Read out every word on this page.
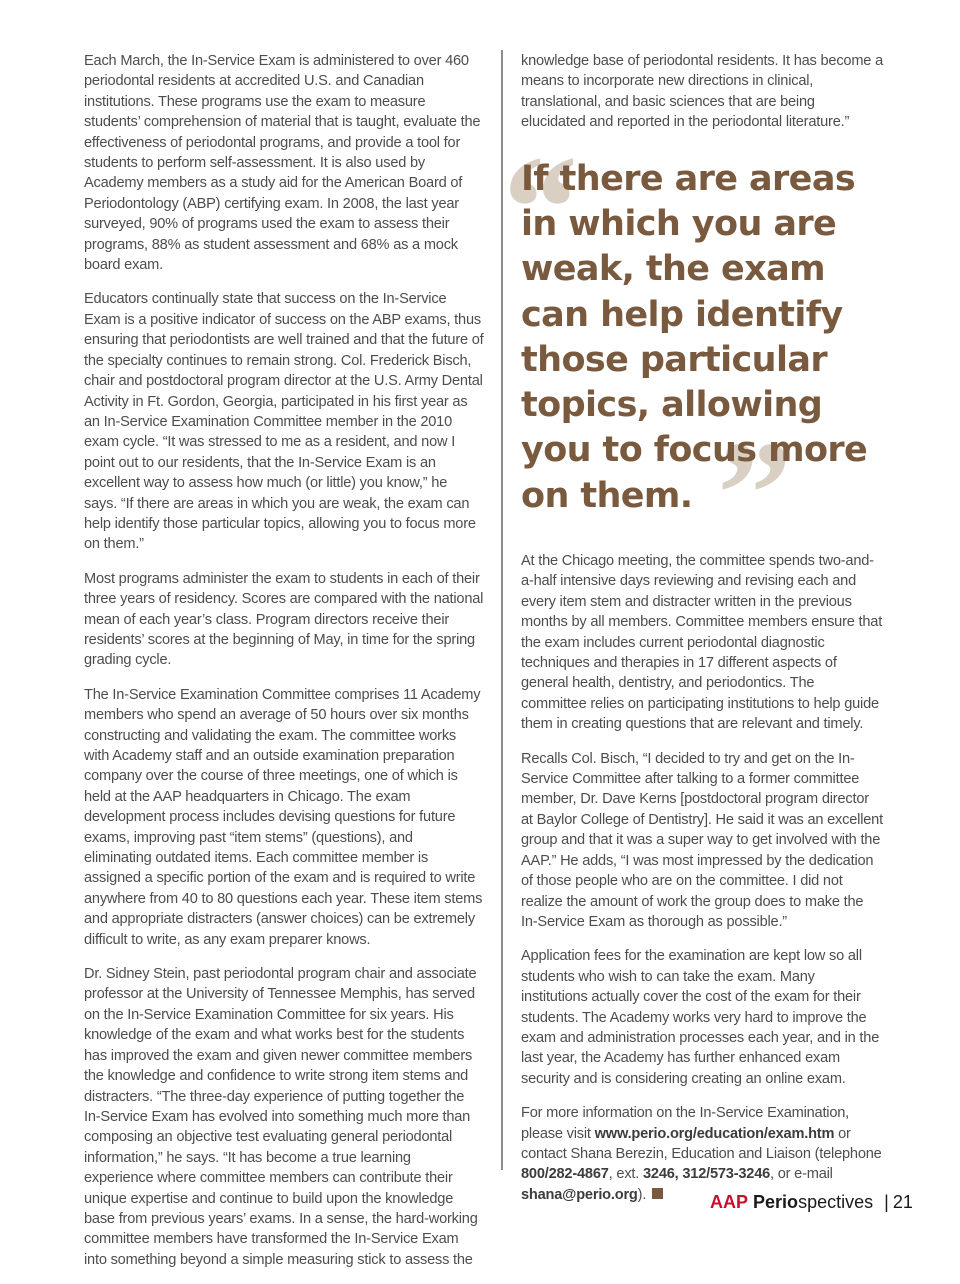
Each March, the In-Service Exam is administered to over 460 periodontal residents at accredited U.S. and Canadian institutions. These programs use the exam to measure students’ comprehension of material that is taught, evaluate the effectiveness of periodontal programs, and provide a tool for students to perform self-assessment. It is also used by Academy members as a study aid for the American Board of Periodontology (ABP) certifying exam. In 2008, the last year surveyed, 90% of programs used the exam to assess their programs, 88% as student assessment and 68% as a mock board exam.

Educators continually state that success on the In-Service Exam is a positive indicator of success on the ABP exams, thus ensuring that periodontists are well trained and that the future of the specialty continues to remain strong. Col. Frederick Bisch, chair and postdoctoral program director at the U.S. Army Dental Activity in Ft. Gordon, Georgia, participated in his first year as an In-Service Examination Committee member in the 2010 exam cycle. “It was stressed to me as a resident, and now I point out to our residents, that the In-Service Exam is an excellent way to assess how much (or little) you know,” he says. “If there are areas in which you are weak, the exam can help identify those particular topics, allowing you to focus more on them.”

Most programs administer the exam to students in each of their three years of residency. Scores are compared with the national mean of each year’s class. Program directors receive their residents’ scores at the beginning of May, in time for the spring grading cycle.

The In-Service Examination Committee comprises 11 Academy members who spend an average of 50 hours over six months constructing and validating the exam. The committee works with Academy staff and an outside examination preparation company over the course of three meetings, one of which is held at the AAP headquarters in Chicago. The exam development process includes devising questions for future exams, improving past “item stems” (questions), and eliminating outdated items. Each committee member is assigned a specific portion of the exam and is required to write anywhere from 40 to 80 questions each year. These item stems and appropriate distracters (answer choices) can be extremely difficult to write, as any exam preparer knows.

Dr. Sidney Stein, past periodontal program chair and associate professor at the University of Tennessee Memphis, has served on the In-Service Examination Committee for six years. His knowledge of the exam and what works best for the students has improved the exam and given newer committee members the knowledge and confidence to write strong item stems and distracters. “The three-day experience of putting together the In-Service Exam has evolved into something much more than composing an objective test evaluating general periodontal information,” he says. “It has become a true learning experience where committee members can contribute their unique expertise and continue to build upon the knowledge base from previous years’ exams. In a sense, the hard-working committee members have transformed the In-Service Exam into something beyond a simple measuring stick to assess the

knowledge base of periodontal residents. It has become a means to incorporate new directions in clinical, translational, and basic sciences that are being elucidated and reported in the periodontal literature.”

“
”

If there are areas in which you are weak, the exam can help identify those particular topics, allowing you to focus more on them.

At the Chicago meeting, the committee spends two-and-a-half intensive days reviewing and revising each and every item stem and distracter written in the previous months by all members. Committee members ensure that the exam includes current periodontal diagnostic techniques and therapies in 17 different aspects of general health, dentistry, and periodontics. The committee relies on participating institutions to help guide them in creating questions that are relevant and timely.

Recalls Col. Bisch, “I decided to try and get on the In-Service Committee after talking to a former committee member, Dr. Dave Kerns [postdoctoral program director at Baylor College of Dentistry]. He said it was an excellent group and that it was a super way to get involved with the AAP.” He adds, “I was most impressed by the dedication of those people who are on the committee. I did not realize the amount of work the group does to make the In-Service Exam as thorough as possible.”

Application fees for the examination are kept low so all students who wish to can take the exam. Many institutions actually cover the cost of the exam for their students. The Academy works very hard to improve the exam and administration processes each year, and in the last year, the Academy has further enhanced exam security and is considering creating an online exam.

For more information on the In-Service Examination, please visit www.perio.org/education/exam.htm or contact Shana Berezin, Education and Liaison (telephone 800/282-4867, ext. 3246, 312/573-3246, or e-mail shana@perio.org).	AAP Periospectives | 21
